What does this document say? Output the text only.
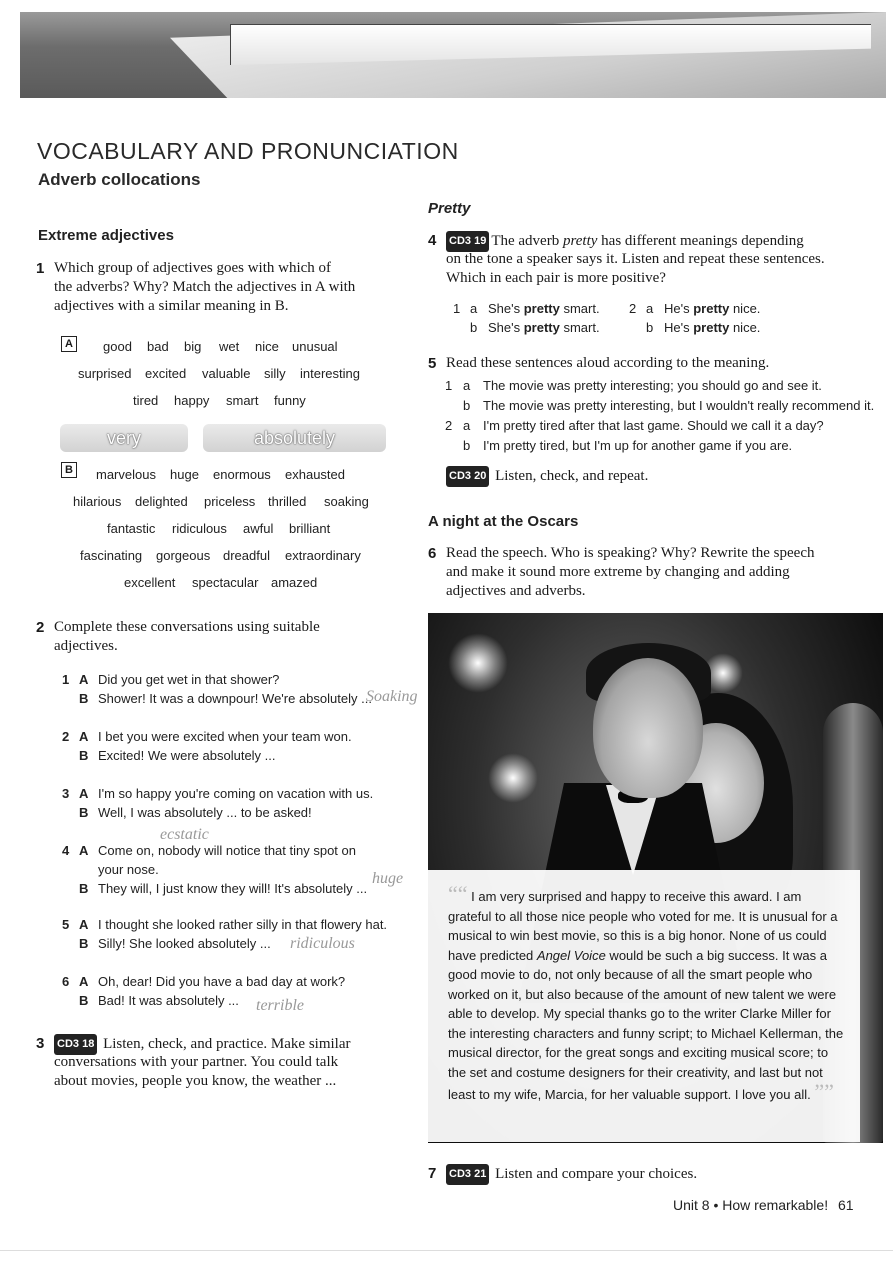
VOCABULARY AND PRONUNCIATION
Adverb collocations
Extreme adjectives
1 Which group of adjectives goes with which of
the adverbs? Why? Match the adjectives in A with
adjectives with a similar meaning in B.
A	good bad big wet nice unusual
surprised excited valuable silly interesting
tired happy smart funny
very	absolutely
B	marvelous huge enormous exhausted
hilarious delighted priceless thrilled soaking
fantastic ridiculous awful brilliant
fascinating gorgeous dreadful extraordinary
excellent spectacular amazed
2 Complete these conversations using suitable
adjectives.
1 A Did you get wet in that shower?
B Shower! It was a downpour! We're absolutely ...
2 A I bet you were excited when your team won.
B Excited! We were absolutely ...
3 A I'm so happy you're coming on vacation with us.
B Well, I was absolutely ... to be asked!
4 A Come on, nobody will notice that tiny spot on
your nose.
B They will, I just know they will! It's absolutely ...
5 A I thought she looked rather silly in that flowery hat.
B Silly! She looked absolutely ...
6 A Oh, dear! Did you have a bad day at work?
B Bad! It was absolutely ...
3 CD3 18 Listen, check, and practice. Make similar
conversations with your partner. You could talk
about movies, people you know, the weather ...
Soaking
ecstatic
huge
ridiculous
terrible
Pretty
4 CD3 19 The adverb pretty has different meanings depending
on the tone a speaker says it. Listen and repeat these sentences.
Which in each pair is more positive?
1 a She's pretty smart.
b She's pretty smart.
2 a He's pretty nice.
b He's pretty nice.
5 Read these sentences aloud according to the meaning.
1 a The movie was pretty interesting; you should go and see it.
b The movie was pretty interesting, but I wouldn't really recommend it.
2 a I'm pretty tired after that last game. Should we call it a day?
b I'm pretty tired, but I'm up for another game if you are.
CD3 20 Listen, check, and repeat.
A night at the Oscars
6 Read the speech. Who is speaking? Why? Rewrite the speech
and make it sound more extreme by changing and adding
adjectives and adverbs.

““ I am very surprised and happy to receive this award. I am grateful to all those nice people who voted for me. It is unusual for a musical to win best movie, so this is a big honor. None of us could have predicted Angel Voice would be such a big success. It was a good movie to do, not only because of all the smart people who worked on it, but also because of the amount of new talent we were able to develop. My special thanks go to the writer Clarke Miller for the interesting characters and funny script; to Michael Kellerman, the musical director, for the great songs and exciting musical score; to the set and costume designers for their creativity, and last but not least to my wife, Marcia, for her valuable support. I love you all. ””

7 CD3 21 Listen and compare your choices.
Unit 8 • How remarkable! 61
